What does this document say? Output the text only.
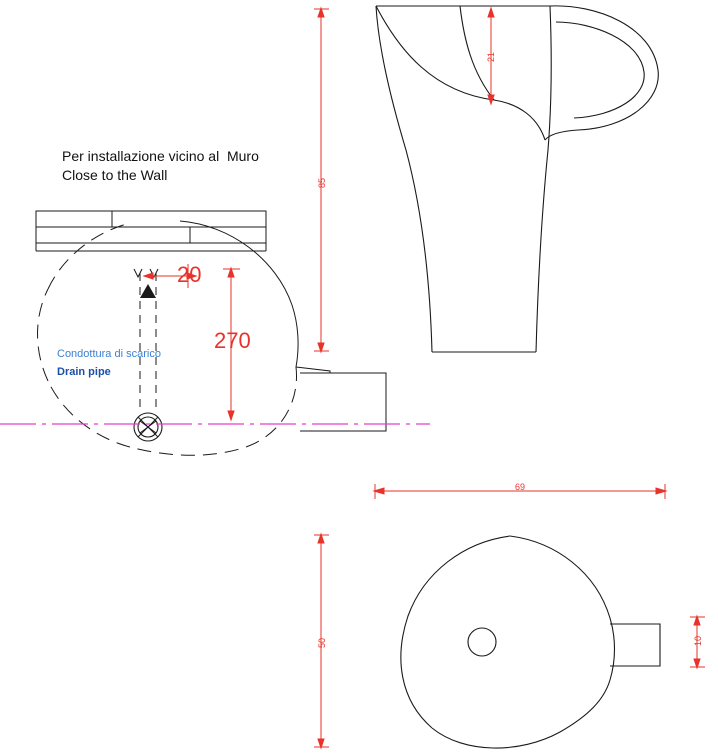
21
85
Per installazione vicino al  Muro
Close to the Wall
Condottura di scarico
Drain pipe
20
270
69
50	10
